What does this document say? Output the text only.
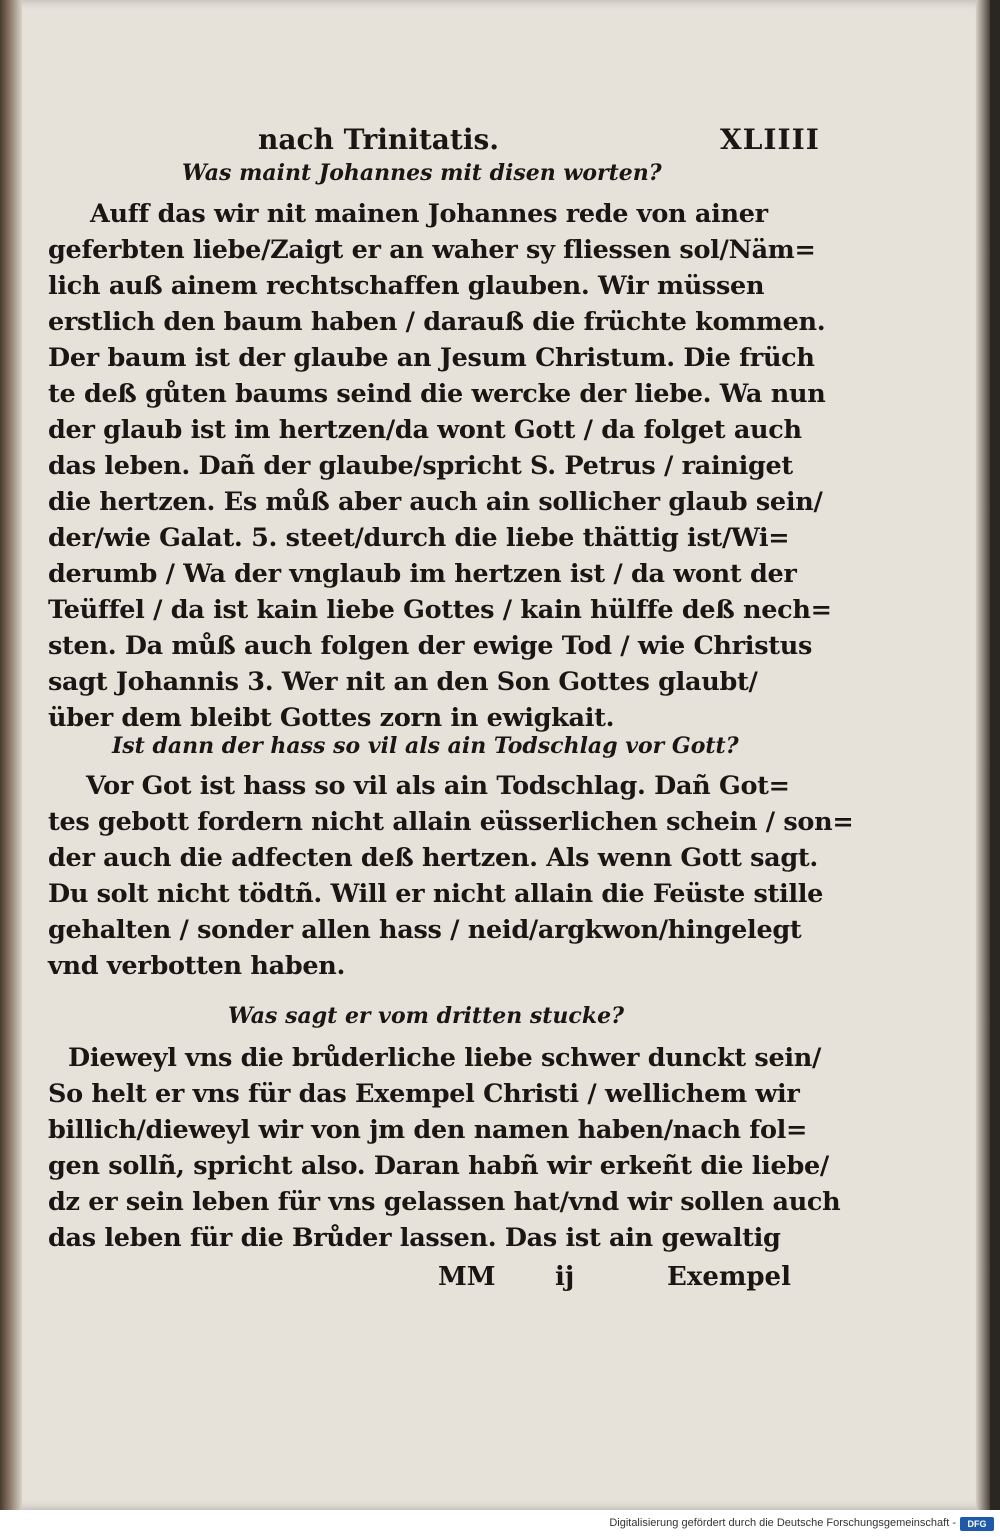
nach Trinitatis.	XLIIII
Was maint Johannes mit disen worten?
Auff das wir nit mainen Johannes rede von ainer
geferbten liebe/Zaigt er an waher sy fliessen sol/Näm=
lich auß ainem rechtschaffen glauben. Wir müssen
erstlich den baum haben / darauß die früchte kommen.
Der baum ist der glaube an Jesum Christum. Die früch
te deß gůten baums seind die wercke der liebe. Wa nun
der glaub ist im hertzen/da wont Gott / da folget auch
das leben. Dañ der glaube/spricht S. Petrus / rainiget
die hertzen. Es můß aber auch ain sollicher glaub sein/
der/wie Galat. 5. steet/durch die liebe thättig ist/Wi=
derumb / Wa der vnglaub im hertzen ist / da wont der
Teüffel / da ist kain liebe Gottes / kain hülffe deß nech=
sten. Da můß auch folgen der ewige Tod / wie Christus
sagt Johannis 3. Wer nit an den Son Gottes glaubt/
über dem bleibt Gottes zorn in ewigkait.
Ist dann der hass so vil als ain Todschlag vor Gott?
Vor Got ist hass so vil als ain Todschlag. Dañ Got=
tes gebott fordern nicht allain eüsserlichen schein / son=
der auch die adfecten deß hertzen. Als wenn Gott sagt.
Du solt nicht tödtñ. Will er nicht allain die Feüste stille
gehalten / sonder allen hass / neid/argkwon/hingelegt
vnd verbotten haben.
Was sagt er vom dritten stucke?
Dieweyl vns die brůderliche liebe schwer dunckt sein/
So helt er vns für das Exempel Christi / wellichem wir
billich/dieweyl wir von jm den namen haben/nach fol=
gen sollñ, spricht also. Daran habñ wir erkeñt die liebe/
dz er sein leben für vns gelassen hat/vnd wir sollen auch
das leben für die Brůder lassen. Das ist ain gewaltig
MM ij	Exempel
Digitalisierung gefördert durch die Deutsche Forschungsgemeinschaft -	DFG
